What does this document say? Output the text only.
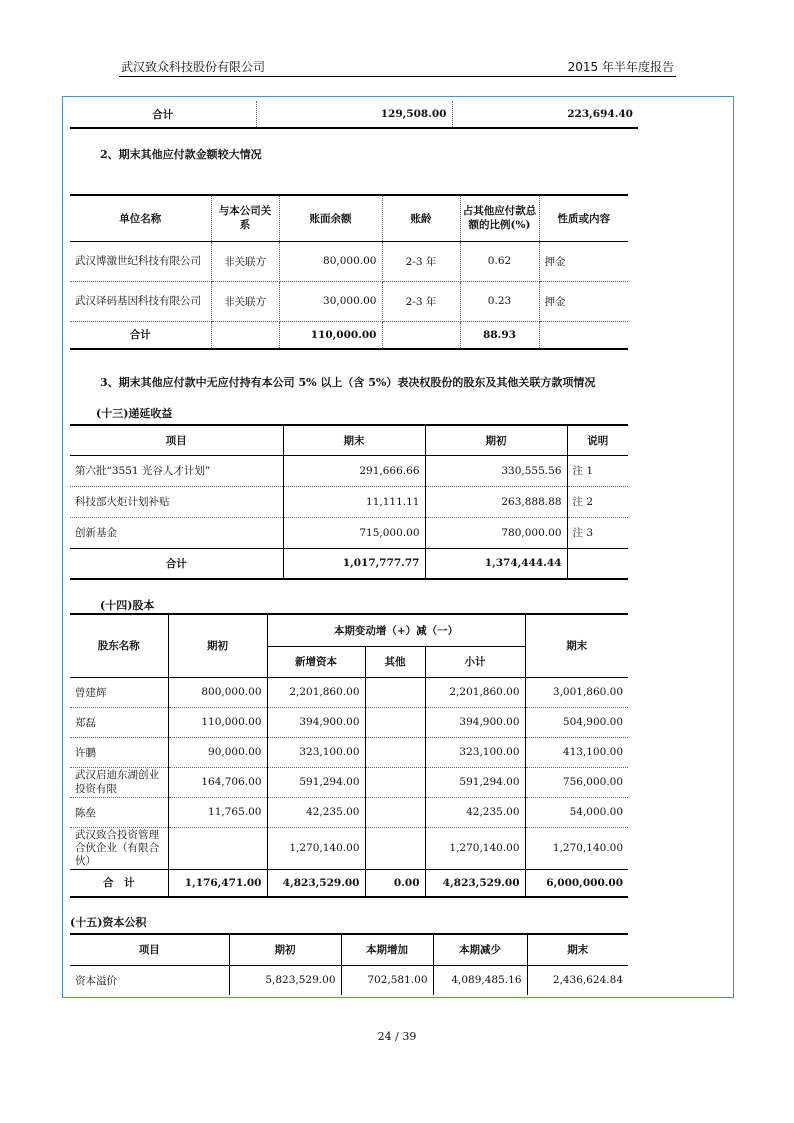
武汉致众科技股份有限公司	2015 年半年度报告
合计	129,508.00	223,694.40
2、期末其他应付款金额较大情况
单位名称	与本公司关系	账面余额	账龄	占其他应付款总额的比例(%)	性质或内容
武汉博激世纪科技有限公司	非关联方	80,000.00	2-3 年	0.62	押金
武汉译码基因科技有限公司	非关联方	30,000.00	2-3 年	0.23	押金
合计		110,000.00		88.93	
3、期末其他应付款中无应付持有本公司 5% 以上（含 5%）表决权股份的股东及其他关联方款项情况
(十三)递延收益
项目	期末	期初	说明
第六批“3551 光谷人才计划”	291,666.66	330,555.56	注 1
科技部火炬计划补贴	11,111.11	263,888.88	注 2
创新基金	715,000.00	780,000.00	注 3
合计	1,017,777.77	1,374,444.44	
(十四)股本
股东名称	期初	本期变动增（+）减（一）			期末
		新增资本	其他	小计	
曾建辉	800,000.00	2,201,860.00		2,201,860.00	3,001,860.00
郑磊	110,000.00	394,900.00		394,900.00	504,900.00
许鹏	90,000.00	323,100.00		323,100.00	413,100.00
武汉启迪东湖创业投资有限	164,706.00	591,294.00		591,294.00	756,000.00
陈垒	11,765.00	42,235.00		42,235.00	54,000.00
武汉致合投资管理合伙企业（有限合伙）		1,270,140.00		1,270,140.00	1,270,140.00
合　计	1,176,471.00	4,823,529.00	0.00	4,823,529.00	6,000,000.00
(十五)资本公积
项目	期初	本期增加	本期减少	期末
资本溢价	5,823,529.00	702,581.00	4,089,485.16	2,436,624.84
24 / 39
